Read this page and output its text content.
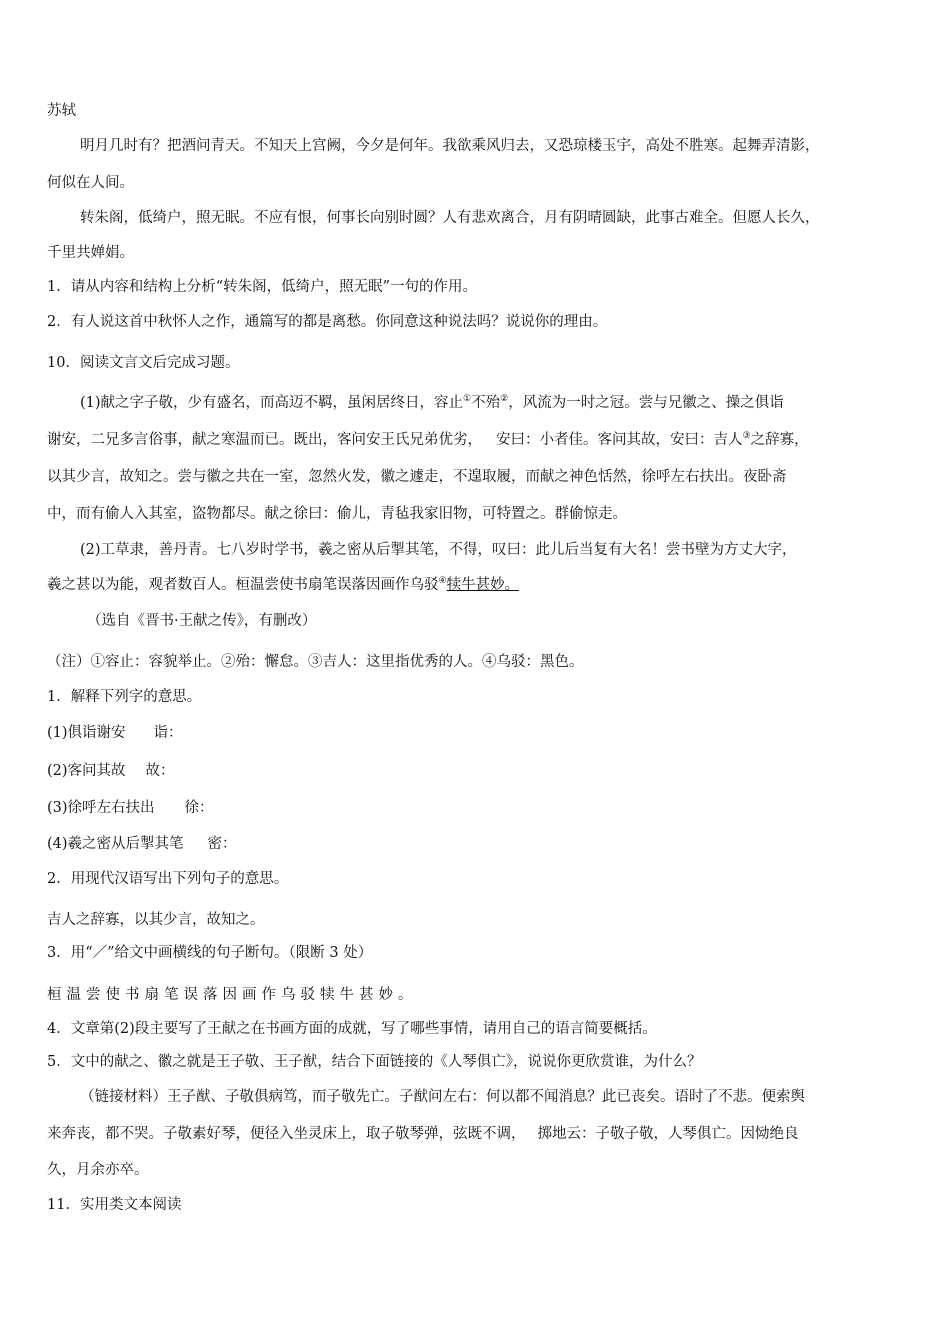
苏轼
明月几时有？把酒问青天。不知天上宫阙，今夕是何年。我欲乘风归去，又恐琼楼玉宇，高处不胜寒。起舞弄清影，
何似在人间。
转朱阁，低绮户，照无眠。不应有恨，何事长向别时圆？人有悲欢离合，月有阴晴圆缺，此事古难全。但愿人长久，
千里共婵娟。
1．请从内容和结构上分析“转朱阁，低绮户，照无眠”一句的作用。
2．有人说这首中秋怀人之作，通篇写的都是离愁。你同意这种说法吗？说说你的理由。
10．阅读文言文后完成习题。
(1)献之字子敬，少有盛名，而高迈不羁，虽闲居终日，容止①不殆②，风流为一时之冠。尝与兄徽之、操之俱诣
谢安，二兄多言俗事，献之寒温而已。既出，客问安王氏兄弟优劣， 安曰：小者佳。客问其故，安曰：吉人③之辞寡，
以其少言，故知之。尝与徽之共在一室，忽然火发，徽之遽走，不遑取履，而献之神色恬然，徐呼左右扶出。夜卧斋
中，而有偷人入其室，盗物都尽。献之徐曰：偷儿，青毡我家旧物，可特置之。群偷惊走。
(2)工草隶，善丹青。七八岁时学书，羲之密从后掣其笔，不得，叹曰：此儿后当复有大名！尝书壁为方丈大字，
羲之甚以为能，观者数百人。桓温尝使书扇笔误落因画作乌驳④犊牛甚妙。
（选自《晋书·王献之传》，有删改）
（注）①容止：容貌举止。②殆：懈怠。③吉人：这里指优秀的人。④乌驳：黑色。
1．解释下列字的意思。
(1)俱诣谢安 诣：
(2)客问其故 故：
(3)徐呼左右扶出 徐：
(4)羲之密从后掣其笔 密：
2．用现代汉语写出下列句子的意思。
吉人之辞寡，以其少言，故知之。
3．用“／”给文中画横线的句子断句。（限断 3 处）
桓温尝使书扇笔误落因画作乌驳犊牛甚妙。
4．文章第(2)段主要写了王献之在书画方面的成就，写了哪些事情，请用自己的语言简要概括。
5．文中的献之、徽之就是王子敬、王子猷，结合下面链接的《人琴俱亡》，说说你更欣赏谁，为什么？
（链接材料）王子猷、子敬俱病笃，而子敬先亡。子猷问左右：何以都不闻消息？此已丧矣。语时了不悲。便索舆
来奔丧，都不哭。子敬素好琴，便径入坐灵床上，取子敬琴弹，弦既不调， 掷地云：子敬子敬，人琴俱亡。因恸绝良
久，月余亦卒。
11．实用类文本阅读
